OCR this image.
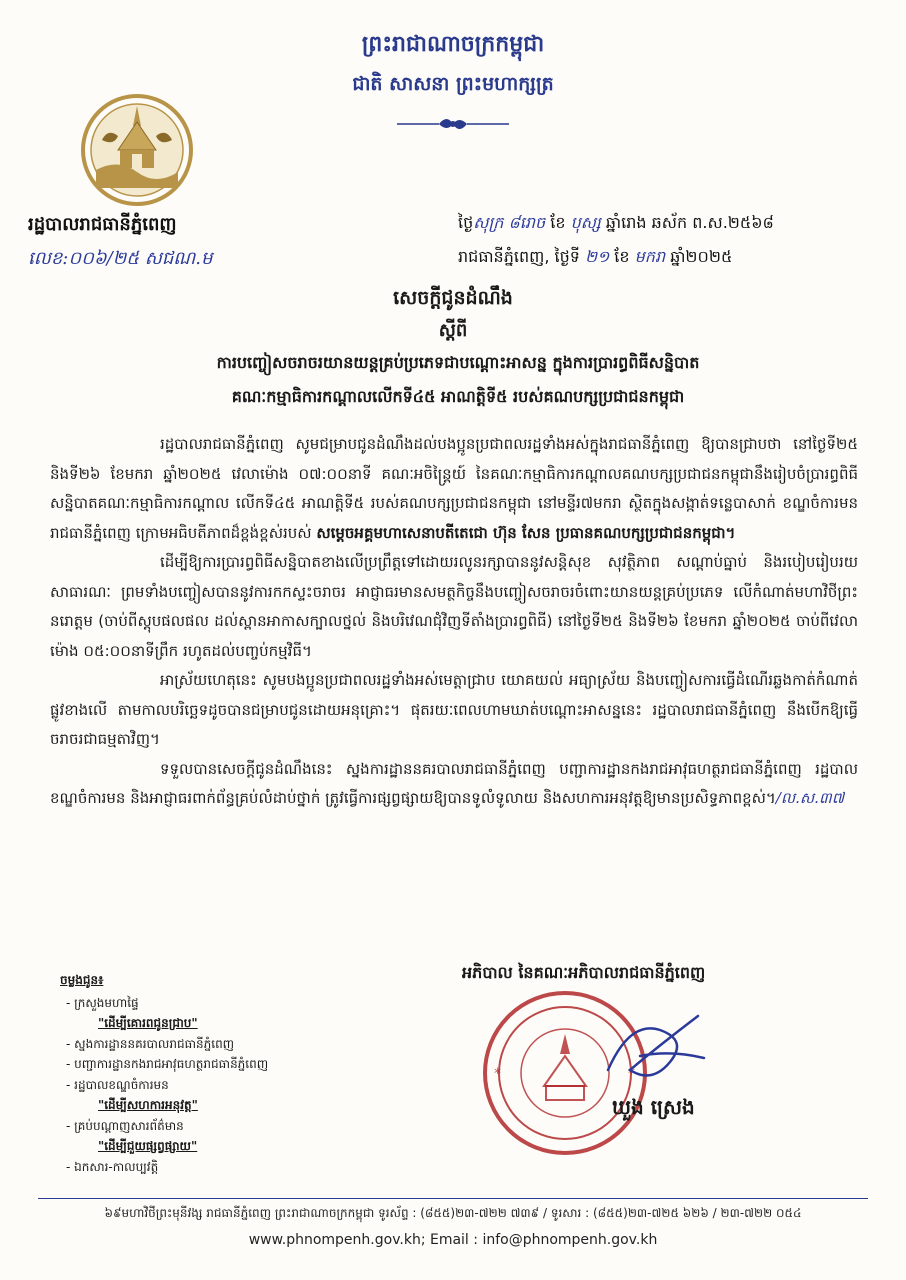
ព្រះរាជាណាចក្រកម្ពុជា
ជាតិ សាសនា ព្រះមហាក្សត្រ
រដ្ឋបាលរាជធានីភ្នំពេញ
លេខ:០០៦/២៥ សជណ.ម
ថ្ងៃសុក្រ ៨រោច ខែ បុស្ស ឆ្នាំរោង ឆស័ក ព.ស.២៥៦៨
រាជធានីភ្នំពេញ, ថ្ងៃទី ២១ ខែ មករា ឆ្នាំ២០២៥
សេចក្តីជូនដំណឹង
ស្តីពី
ការបញ្ចៀសចរាចរយានយន្តគ្រប់ប្រភេទជាបណ្តោះអាសន្ន ក្នុងការប្រារព្ធពិធីសន្និបាត
គណៈកម្មាធិការកណ្តាលលើកទី៤៥ អាណត្តិទី៥ របស់គណបក្សប្រជាជនកម្ពុជា

រដ្ឋបាលរាជធានីភ្នំពេញ សូមជម្រាបជូនដំណឹងដល់បងប្អូនប្រជាពលរដ្ឋទាំងអស់ក្នុងរាជធានីភ្នំពេញ ឱ្យបានជ្រាបថា នៅថ្ងៃទី២៥ និងទី២៦ ខែមករា ឆ្នាំ២០២៥ វេលាម៉ោង ០៧:០០នាទី គណៈអចិន្ត្រៃយ៍ នៃគណៈកម្មាធិការកណ្តាលគណបក្សប្រជាជនកម្ពុជានឹងរៀបចំប្រារព្ធពិធីសន្និបាតគណៈកម្មាធិការកណ្តាល លើកទី៤៥ អាណត្តិទី៥ របស់គណបក្សប្រជាជនកម្ពុជា នៅមន្ទីរ៧មករា ស្ថិតក្នុងសង្កាត់ទន្លេបាសាក់ ខណ្ឌចំការមន រាជធានីភ្នំពេញ ក្រោមអធិបតីភាពដ៏ខ្ពង់ខ្ពស់របស់ សម្តេចអគ្គមហាសេនាបតីតេជោ ហ៊ុន សែន ប្រធានគណបក្សប្រជាជនកម្ពុជា។

ដើម្បីឱ្យការប្រារព្ធពិធីសន្និបាតខាងលើប្រព្រឹត្តទៅដោយរលូនរក្សាបាននូវសន្តិសុខ សុវត្ថិភាព សណ្តាប់ធ្នាប់ និងរបៀបរៀបរយសាធារណៈ ព្រមទាំងបញ្ចៀសបាននូវការកកស្ទះចរាចរ អាជ្ញាធរមានសមត្ថកិច្ចនឹងបញ្ចៀសចរាចរចំពោះយានយន្តគ្រប់ប្រភេទ លើកំណាត់មហាវិថីព្រះនរោត្តម (ចាប់ពីស្តុបផលផល ដល់ស្ពានអាកាសក្បាលថ្នល់ និងបរិវេណជុំវិញទីតាំងប្រារព្ធពិធី) នៅថ្ងៃទី២៥ និងទី២៦ ខែមករា ឆ្នាំ២០២៥ ចាប់ពីវេលាម៉ោង ០៥:០០នាទីព្រឹក រហូតដល់បញ្ចប់កម្មវិធី។

អាស្រ័យហេតុនេះ សូមបងប្អូនប្រជាពលរដ្ឋទាំងអស់មេត្តាជ្រាប យោគយល់ អធ្យាស្រ័យ និងបញ្ចៀសការធ្វើដំណើរឆ្លងកាត់កំណាត់ផ្លូវខាងលើ តាមកាលបរិច្ឆេទដូចបានជម្រាបជូនដោយអនុគ្រោះ។ ផុតរយៈពេលហាមឃាត់បណ្តោះអាសន្ននេះ រដ្ឋបាលរាជធានីភ្នំពេញ នឹងបើកឱ្យធ្វើចរាចរជាធម្មតាវិញ។

ទទួលបានសេចក្តីជូនដំណឹងនេះ ស្នងការដ្ឋាននគរបាលរាជធានីភ្នំពេញ បញ្ជាការដ្ឋានកងរាជអាវុធហត្ថរាជធានីភ្នំពេញ រដ្ឋបាលខណ្ឌចំការមន និងអាជ្ញាធរពាក់ព័ន្ធគ្រប់លំដាប់ថ្នាក់ ត្រូវធ្វើការផ្សព្វផ្សាយឱ្យបានទូលំទូលាយ និងសហការអនុវត្តឱ្យមានប្រសិទ្ធភាពខ្ពស់។/ល.ស.៣៧

អភិបាល នៃគណៈអភិបាលរាជធានីភ្នំពេញ
*	*
ឃួង ស្រេង
ចម្លងជូន៖
- ក្រសួងមហាផ្ទៃ
"ដើម្បីគោរពជូនជ្រាប"
- ស្នងការដ្ឋាននគរបាលរាជធានីភ្នំពេញ
- បញ្ជាការដ្ឋានកងរាជអាវុធហត្ថរាជធានីភ្នំពេញ
- រដ្ឋបាលខណ្ឌចំការមន
"ដើម្បីសហការអនុវត្ត"
- គ្រប់បណ្តាញសារព័ត៌មាន
"ដើម្បីជួយផ្សព្វផ្សាយ"
- ឯកសារ-កាលប្បវត្តិ
៦៩មហាវិថីព្រះមុនីវង្ស រាជធានីភ្នំពេញ ព្រះរាជាណាចក្រកម្ពុជា ទូរស័ព្ទ : (៨៥៥)២៣-៧២២ ៧៣៩ / ទូរសារ : (៨៥៥)២៣-៧២៥ ៦២៦ / ២៣-៧២២ ០៥៤
www.phnompenh.gov.kh; Email : info@phnompenh.gov.kh
